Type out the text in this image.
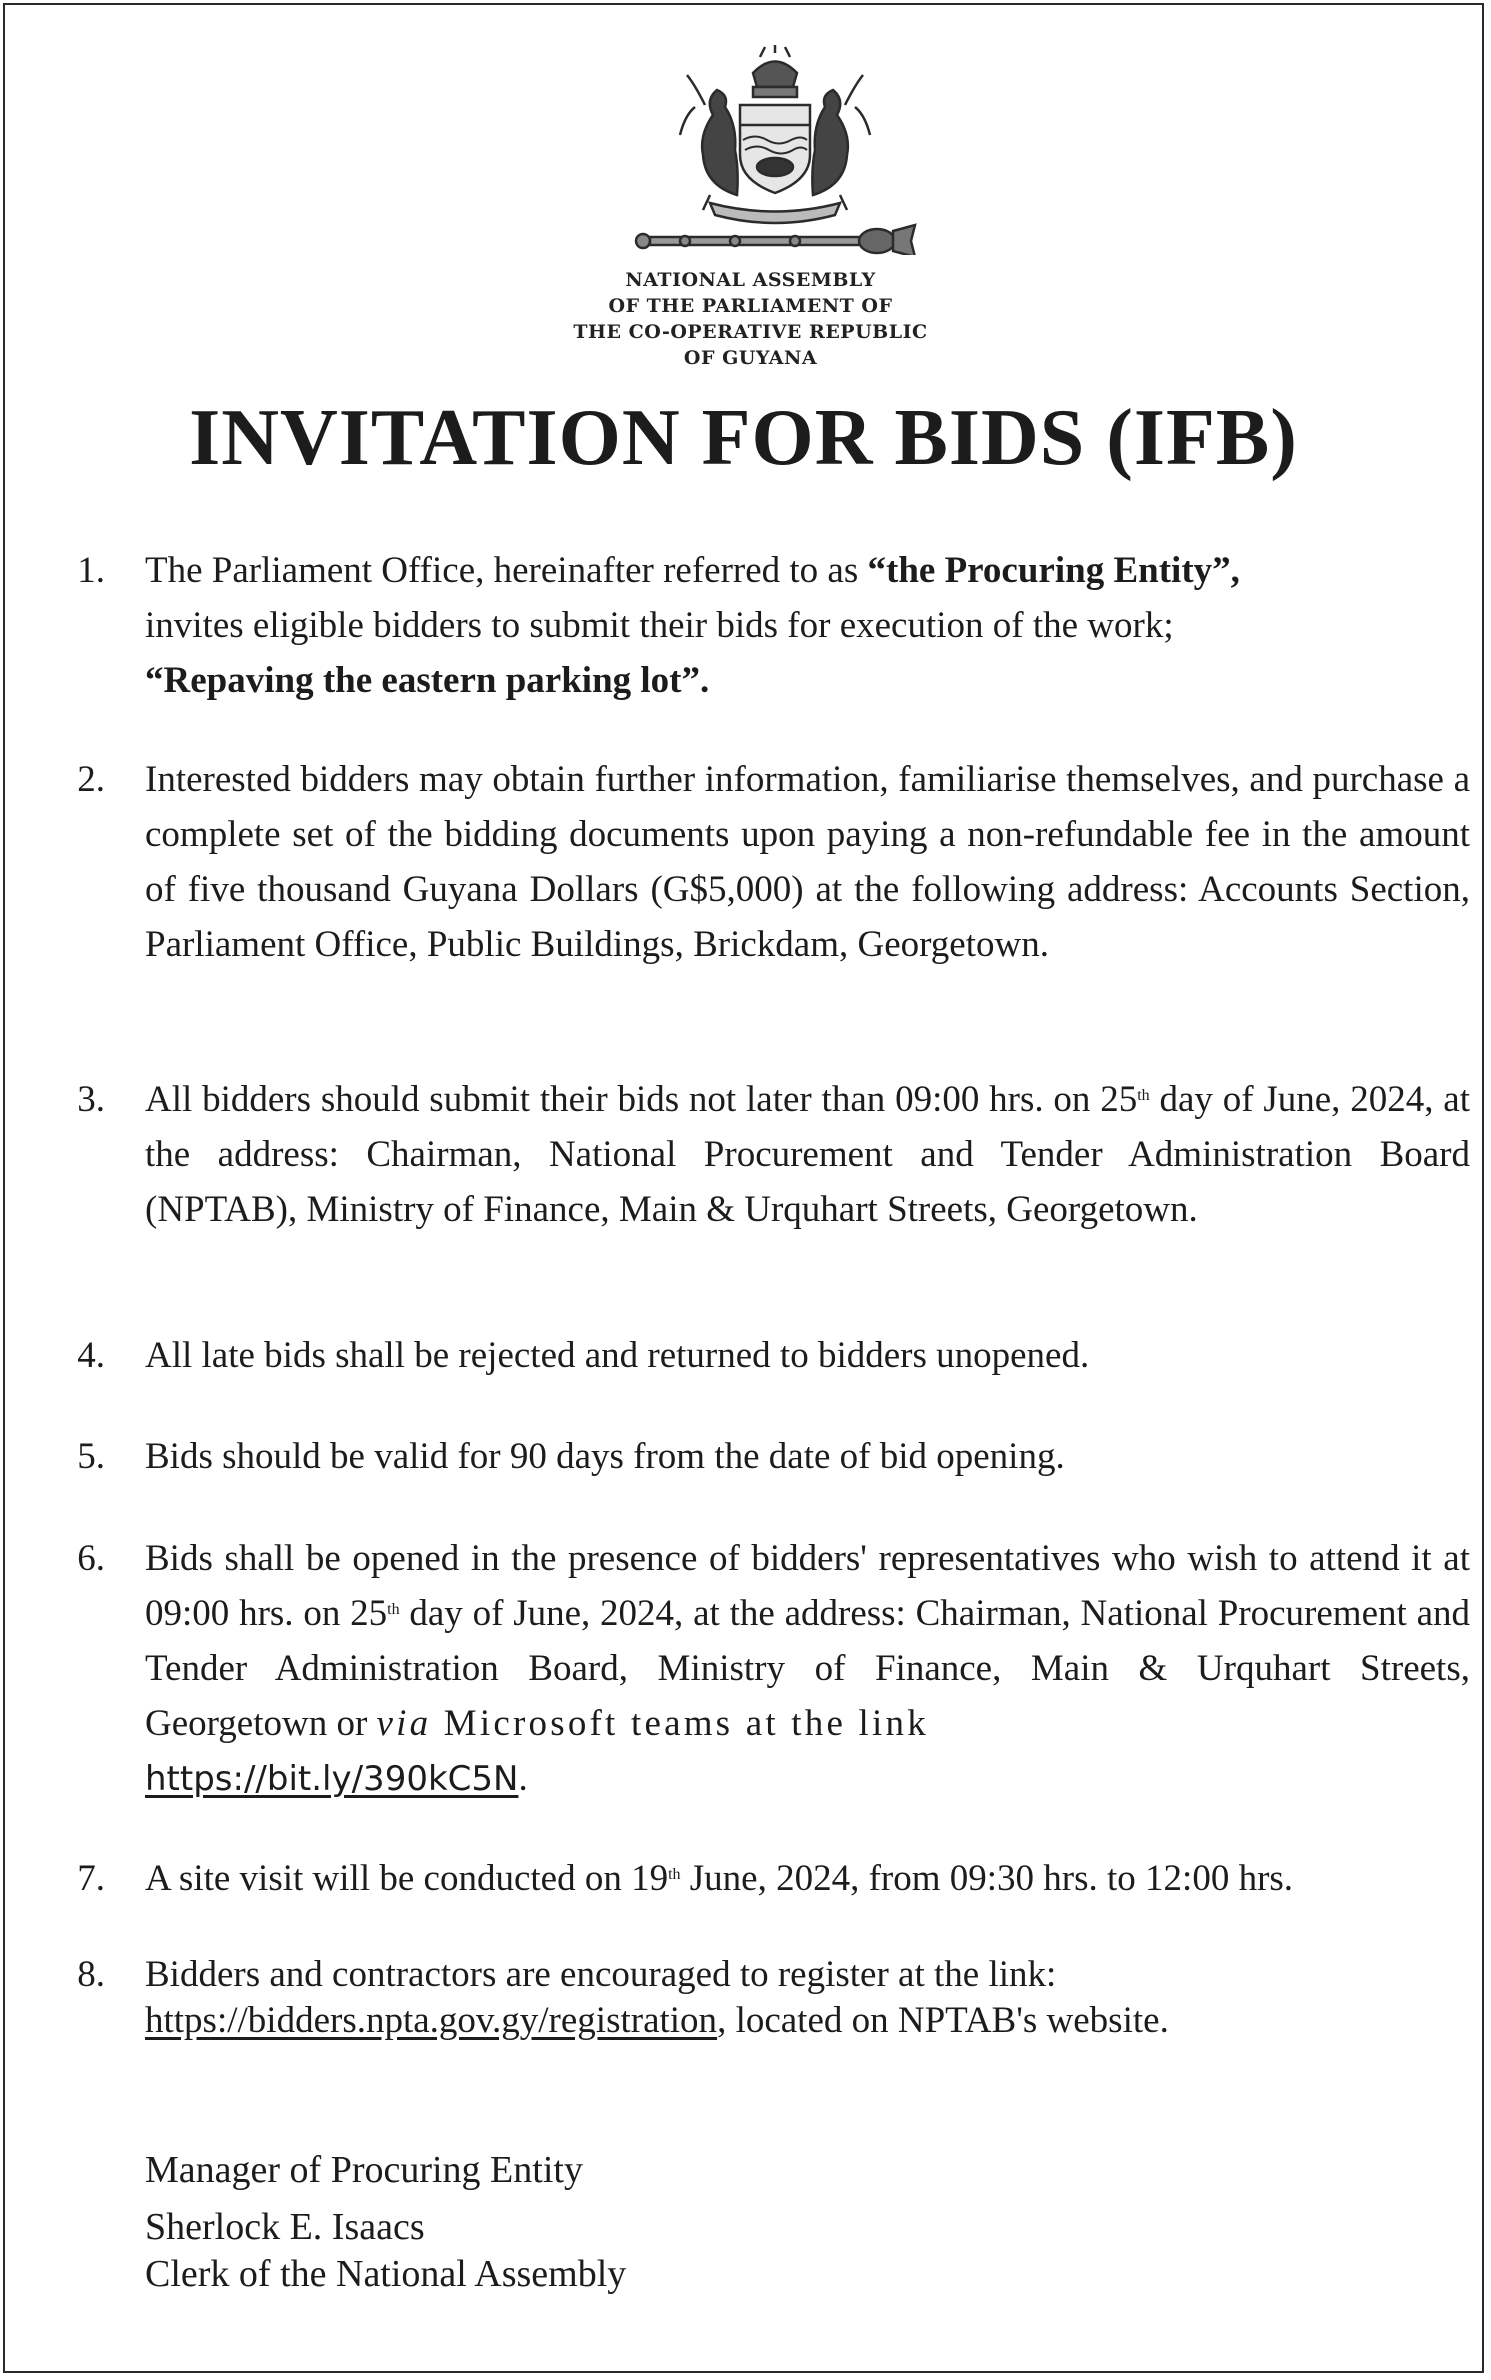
NATIONAL ASSEMBLY
OF THE PARLIAMENT OF
THE CO-OPERATIVE REPUBLIC
OF GUYANA
INVITATION FOR BIDS (IFB)
1. The Parliament Office, hereinafter referred to as “the Procuring Entity”,
invites eligible bidders to submit their bids for execution of the work;
“Repaving the eastern parking lot”.
2. Interested bidders may obtain further information, familiarise themselves, and purchase a complete set of the bidding documents upon paying a non-refundable fee in the amount of five thousand Guyana Dollars (G$5,000) at the following address: Accounts Section, Parliament Office, Public Buildings, Brickdam, Georgetown.
3. All bidders should submit their bids not later than 09:00 hrs. on 25th day of June, 2024, at the address: Chairman, National Procurement and Tender Administration Board (NPTAB), Ministry of Finance, Main & Urquhart Streets, Georgetown.
4. All late bids shall be rejected and returned to bidders unopened.
5. Bids should be valid for 90 days from the date of bid opening.
6. Bids shall be opened in the presence of bidders' representatives who wish to attend it at 09:00 hrs. on 25th day of June, 2024, at the address: Chairman, National Procurement and Tender Administration Board, Ministry of Finance, Main & Urquhart Streets, Georgetown or via Microsoft teams at the link
https://bit.ly/390kC5N.
7. A site visit will be conducted on 19th June, 2024, from 09:30 hrs. to 12:00 hrs.
8. Bidders and contractors are encouraged to register at the link:
https://bidders.npta.gov.gy/registration, located on NPTAB's website.
Manager of Procuring Entity
Sherlock E. Isaacs
Clerk of the National Assembly
